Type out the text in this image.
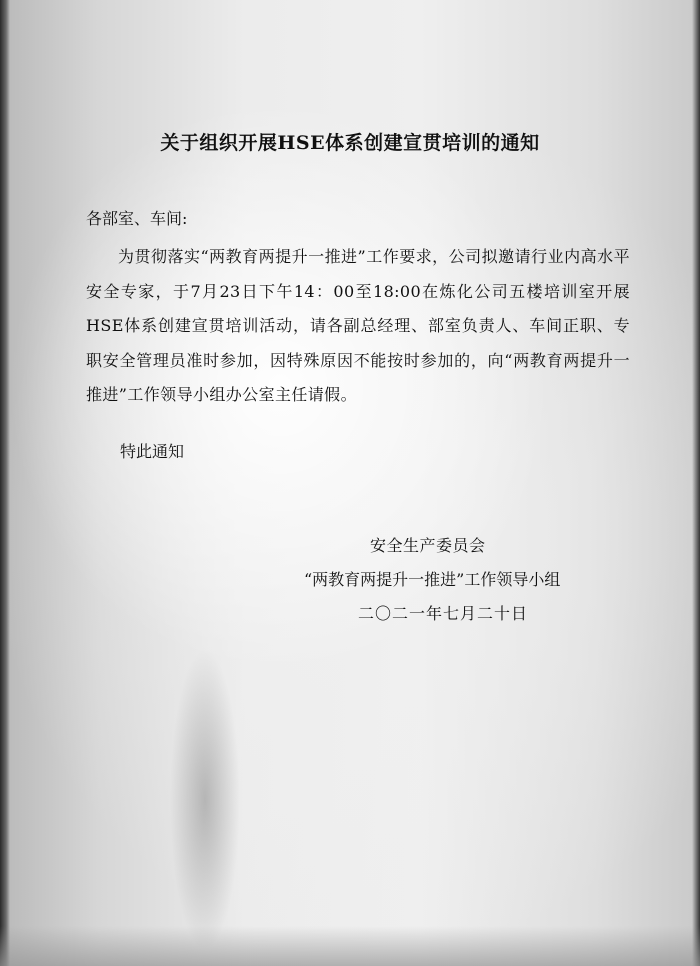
关于组织开展HSE体系创建宣贯培训的通知
各部室、车间:
为贯彻落实“两教育两提升一推进”工作要求，公司拟邀请行业内高水平安全专家，于7月23日下午14：00至18:00在炼化公司五楼培训室开展HSE体系创建宣贯培训活动，请各副总经理、部室负责人、车间正职、专职安全管理员准时参加，因特殊原因不能按时参加的，向“两教育两提升一推进”工作领导小组办公室主任请假。
特此通知
安全生产委员会
“两教育两提升一推进”工作领导小组
二〇二一年七月二十日
